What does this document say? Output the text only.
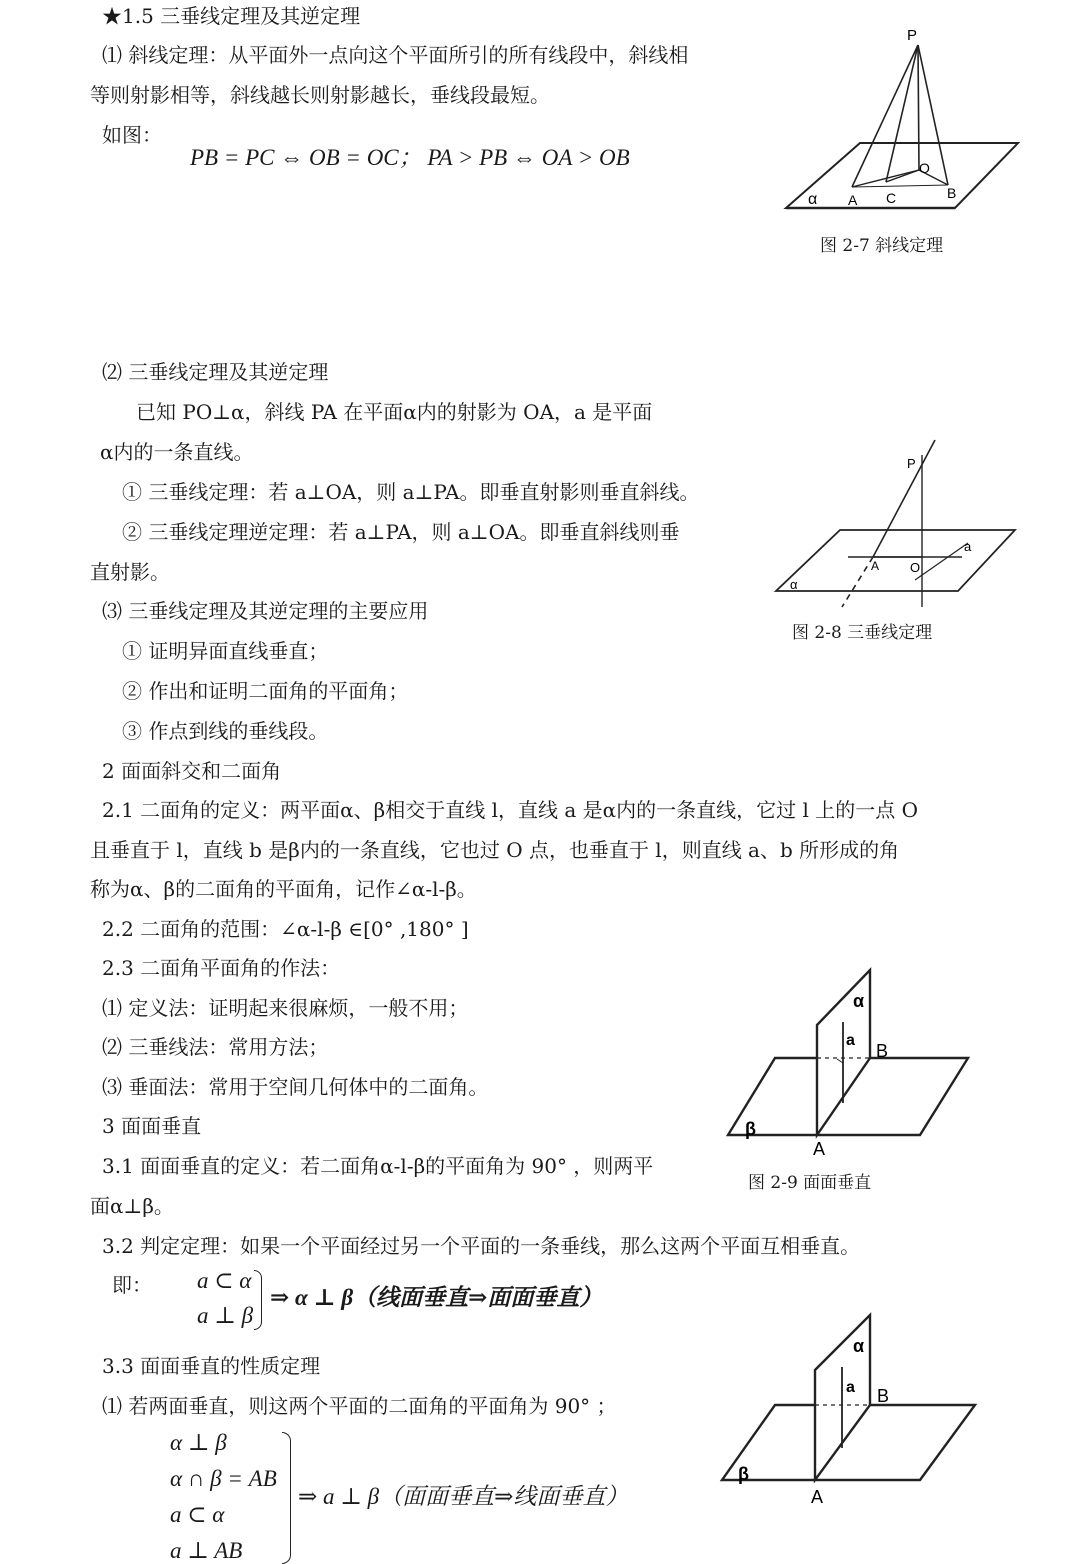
★1.5 三垂线定理及其逆定理
⑴ 斜线定理：从平面外一点向这个平面所引的所有线段中，斜线相
等则射影相等，斜线越长则射影越长，垂线段最短。
如图：
PB = PC ⇔ OB = OC； PA > PB ⇔ OA > OB
P
O
α A C	B
图 2-7 斜线定理
⑵ 三垂线定理及其逆定理
已知 PO⊥α，斜线 PA 在平面α内的射影为 OA，a 是平面
α内的一条直线。
① 三垂线定理：若 a⊥OA，则 a⊥PA。即垂直射影则垂直斜线。
② 三垂线定理逆定理：若 a⊥PA，则 a⊥OA。即垂直斜线则垂
直射影。
P
a
A O
α
图 2-8 三垂线定理
⑶ 三垂线定理及其逆定理的主要应用
① 证明异面直线垂直；
② 作出和证明二面角的平面角；
③ 作点到线的垂线段。
2 面面斜交和二面角
2.1 二面角的定义：两平面α、β相交于直线 l，直线 a 是α内的一条直线，它过 l 上的一点 O
且垂直于 l，直线 b 是β内的一条直线，它也过 O 点，也垂直于 l，则直线 a、b 所形成的角
称为α、β的二面角的平面角，记作∠α-l-β。
2.2 二面角的范围：∠α-l-β ∈[0° ,180° ]
2.3 二面角平面角的作法：
⑴ 定义法：证明起来很麻烦，一般不用；
⑵ 三垂线法：常用方法；
⑶ 垂面法：常用于空间几何体中的二面角。
α
a
B
β
A
图 2-9 面面垂直
3 面面垂直
3.1 面面垂直的定义：若二面角α-l-β的平面角为 90° ，则两平
面α⊥β。
3.2 判定定理：如果一个平面经过另一个平面的一条垂线，那么这两个平面互相垂直。
即： a ⊂ α
a ⊥ β
⇒ α ⊥ β（线面垂直⇒面面垂直）
3.3 面面垂直的性质定理
⑴ 若两面垂直，则这两个平面的二面角的平面角为 90° ；
α ⊥ β
α ∩ β = AB
a ⊂ α
a ⊥ AB
⇒ a ⊥ β（面面垂直⇒线面垂直）
α
a B
β
A
